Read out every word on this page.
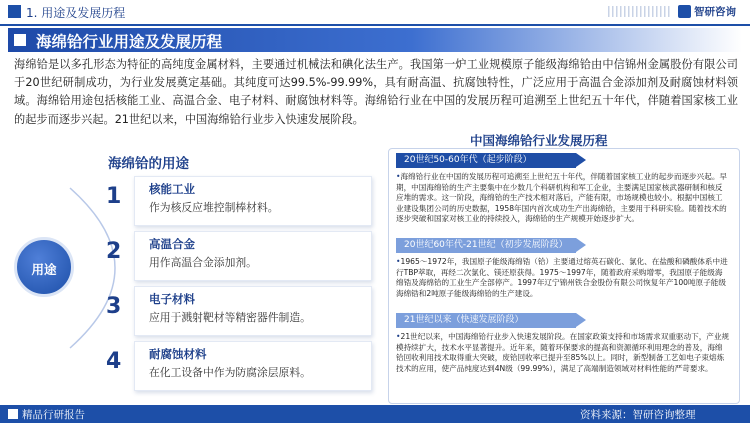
1. 用途及发展历程	智研咨询
海绵铪行业用途及发展历程
海绵铪是以多孔形态为特征的高纯度金属材料，主要通过机械法和碘化法生产。我国第一炉工业规模原子能级海绵铪由中信锦州金属股份有限公司于20世纪研制成功，为行业发展奠定基础。其纯度可达99.5%-99.99%，具有耐高温、抗腐蚀特性，广泛应用于高温合金添加剂及耐腐蚀材料领域。海绵铪用途包括核能工业、高温合金、电子材料、耐腐蚀材料等。海绵铪行业在中国的发展历程可追溯至上世纪五十年代，伴随着国家核工业的起步而逐步兴起。21世纪以来，中国海绵铪行业步入快速发展阶段。
海绵铪的用途
用途
1 核能工业
作为核反应堆控制棒材料。
2 高温合金
用作高温合金添加剂。
3 电子材料
应用于溅射靶材等精密器件制造。
4 耐腐蚀材料
在化工设备中作为防腐涂层原料。
中国海绵铪行业发展历程
20世纪50-60年代（起步阶段）
•海绵铪行业在中国的发展历程可追溯至上世纪五十年代，伴随着国家核工业的起步而逐步兴起。早期，中国海绵铪的生产主要集中在少数几个科研机构和军工企业，主要满足国家核武器研制和核反应堆的需求。这一阶段，海绵铪的生产技术相对落后，产能有限，市场规模也较小。根据中国核工业建设集团公司的历史数据，1958年国内首次成功生产出海绵铪，主要用于科研实验。随着技术的逐步突破和国家对核工业的持续投入，海绵铪的生产规模开始逐步扩大。
20世纪60年代-21世纪（初步发展阶段）
•1965～1972年，我国原子能级海绵锆（铪）主要通过熔英石碳化、氯化、在盐酸和磷酸体系中进行TBP萃取，再经二次氯化、镁还原获得。1975～1997年，随着政府采购增零，我国原子能级海绵锆及海绵铪的工业生产全部停产。1997年辽宁锦州铁合金股份有限公司恢复年产100吨原子能级海绵锆和2吨原子能级海绵铪的生产建设。
21世纪以来（快速发展阶段）
•21世纪以来，中国海绵铪行业步入快速发展阶段。在国家政策支持和市场需求双重驱动下，产业规模持续扩大，技术水平显著提升。近年来，随着环保要求的提高和资源循环利用理念的普及，海绵铪回收利用技术取得重大突破，废铪回收率已提升至85%以上。同时，新型制备工艺如电子束熔炼技术的应用，使产品纯度达到4N级（99.99%），满足了高端制造领域对材料性能的严苛要求。
精品行研报告	资料来源：智研咨询整理
